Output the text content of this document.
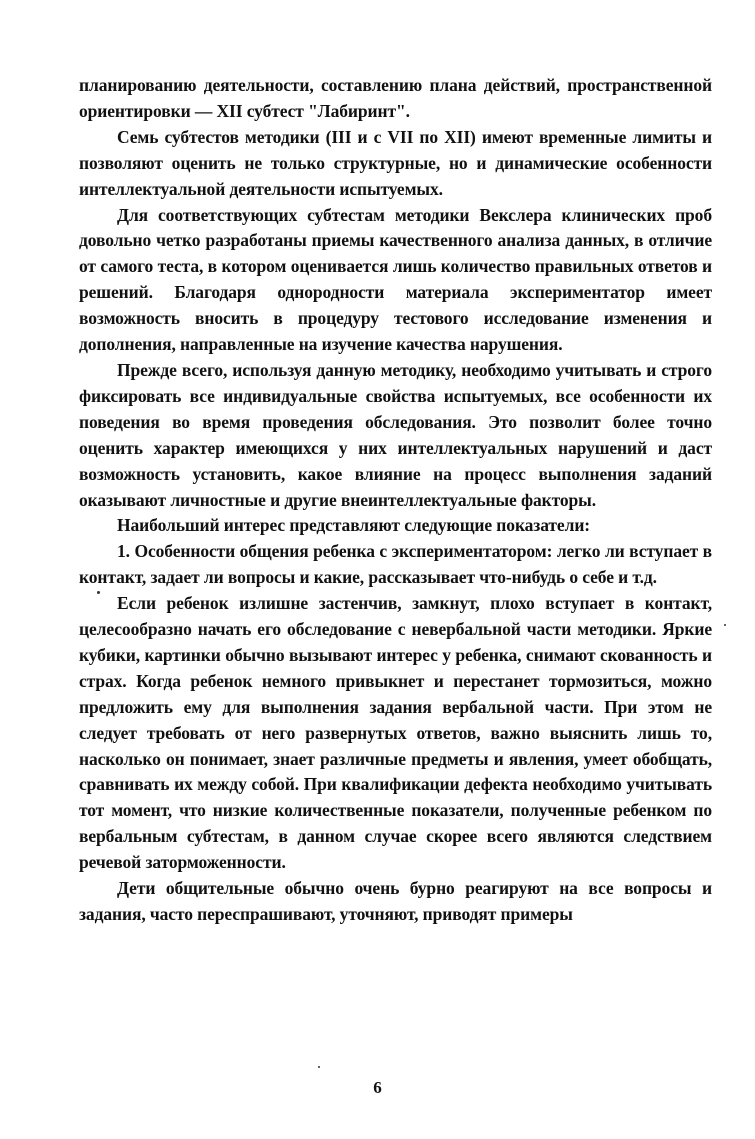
планированию деятельности, составлению плана действий, пространственной ориентировки — XII субтест "Лабиринт".

Семь субтестов методики (III и с VII по XII) имеют временные лимиты и позволяют оценить не только структурные, но и динамические особенности интеллектуальной деятельности испытуемых.

Для соответствующих субтестам методики Векслера клинических проб довольно четко разработаны приемы качественного анализа данных, в отличие от самого теста, в котором оценивается лишь количество правильных ответов и решений. Благодаря однородности материала экспериментатор имеет возможность вносить в процедуру тестового исследование изменения и дополнения, направленные на изучение качества нарушения.

Прежде всего, используя данную методику, необходимо учитывать и строго фиксировать все индивидуальные свойства испытуемых, все особенности их поведения во время проведения обследования. Это позволит более точно оценить характер имеющихся у них интеллектуальных нарушений и даст возможность установить, какое влияние на процесс выполнения заданий оказывают личностные и другие внеинтеллектуальные факторы.

Наибольший интерес представляют следующие показатели:

1. Особенности общения ребенка с экспериментатором: легко ли вступает в контакт, задает ли вопросы и какие, рассказывает что-нибудь о себе и т.д.

Если ребенок излишне застенчив, замкнут, плохо вступает в контакт, целесообразно начать его обследование с невербальной части методики. Яркие кубики, картинки обычно вызывают интерес у ребенка, снимают скованность и страх. Когда ребенок немного привыкнет и перестанет тормозиться, можно предложить ему для выполнения задания вербальной части. При этом не следует требовать от него развернутых ответов, важно выяснить лишь то, насколько он понимает, знает различные предметы и явления, умеет обобщать, сравнивать их между собой. При квалификации дефекта необходимо учитывать тот момент, что низкие количественные показатели, полученные ребенком по вербальным субтестам, в данном случае скорее всего являются следствием речевой заторможенности.

Дети общительные обычно очень бурно реагируют на все вопросы и задания, часто переспрашивают, уточняют, приводят примеры

6
